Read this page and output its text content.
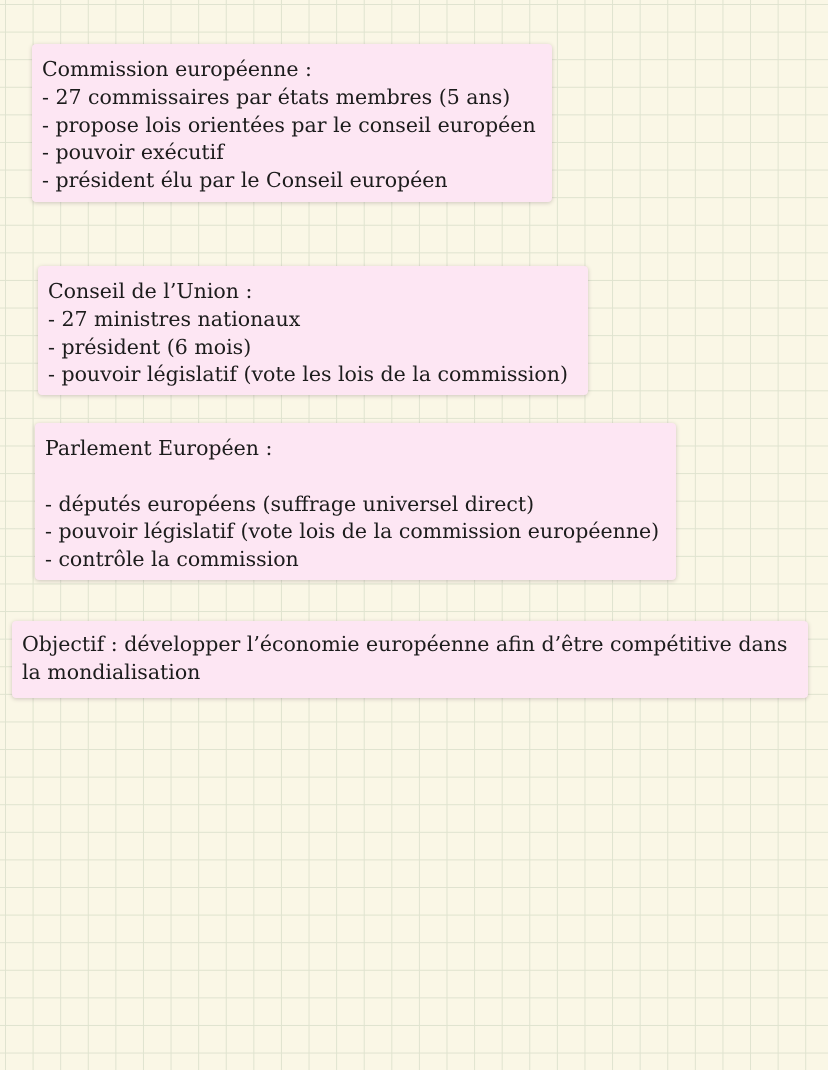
Commission européenne :
- 27 commissaires par états membres (5 ans)
- propose lois orientées par le conseil européen
- pouvoir exécutif
- président élu par le Conseil européen
Conseil de l’Union :
- 27 ministres nationaux
- président (6 mois)
- pouvoir législatif (vote les lois de la commission)
Parlement Européen :
- députés européens (suffrage universel direct)
- pouvoir législatif (vote lois de la commission européenne)
- contrôle la commission
Objectif : développer l’économie européenne afin d’être compétitive dans la mondialisation
